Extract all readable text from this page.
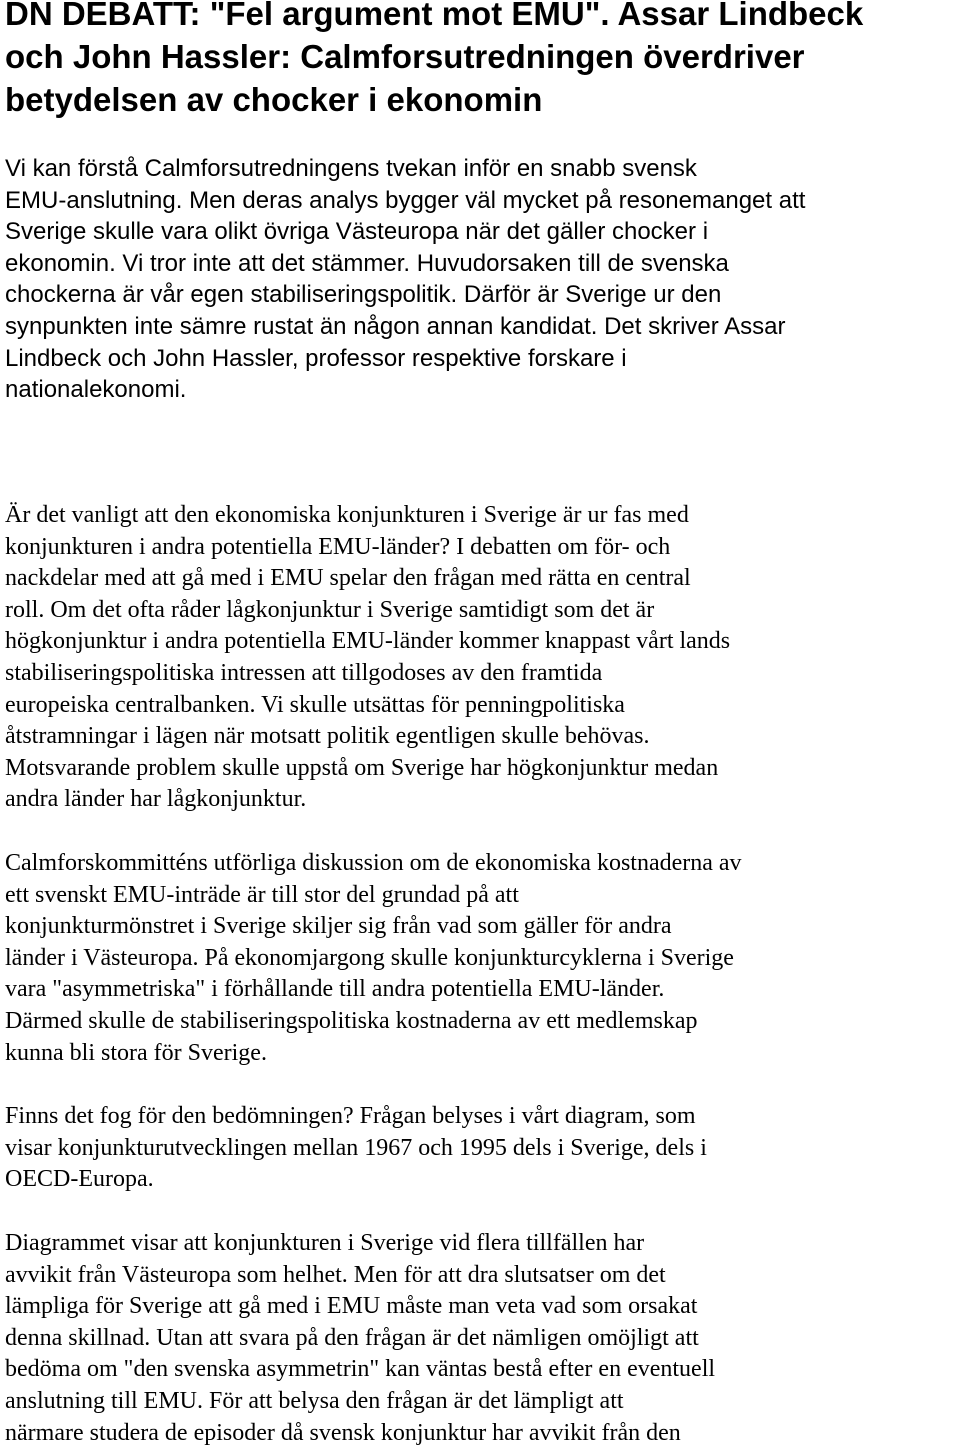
DN DEBATT: "Fel argument mot EMU". Assar Lindbeck
och John Hassler: Calmforsutredningen överdriver
betydelsen av chocker i ekonomin

Vi kan förstå Calmforsutredningens tvekan inför en snabb svensk
EMU-anslutning. Men deras analys bygger väl mycket på resonemanget att
Sverige skulle vara olikt övriga Västeuropa när det gäller chocker i
ekonomin. Vi tror inte att det stämmer. Huvudorsaken till de svenska
chockerna är vår egen stabiliseringspolitik. Därför är Sverige ur den
synpunkten inte sämre rustat än någon annan kandidat. Det skriver Assar
Lindbeck och John Hassler, professor respektive forskare i
nationalekonomi.

Är det vanligt att den ekonomiska konjunkturen i Sverige är ur fas med
konjunkturen i andra potentiella EMU-länder? I debatten om för- och
nackdelar med att gå med i EMU spelar den frågan med rätta en central
roll. Om det ofta råder lågkonjunktur i Sverige samtidigt som det är
högkonjunktur i andra potentiella EMU-länder kommer knappast vårt lands
stabiliseringspolitiska intressen att tillgodoses av den framtida
europeiska centralbanken. Vi skulle utsättas för penningpolitiska
åtstramningar i lägen när motsatt politik egentligen skulle behövas.
Motsvarande problem skulle uppstå om Sverige har högkonjunktur medan
andra länder har lågkonjunktur.

Calmforskommitténs utförliga diskussion om de ekonomiska kostnaderna av
ett svenskt EMU-inträde är till stor del grundad på att
konjunkturmönstret i Sverige skiljer sig från vad som gäller för andra
länder i Västeuropa. På ekonomjargong skulle konjunkturcyklerna i Sverige
vara "asymmetriska" i förhållande till andra potentiella EMU-länder.
Därmed skulle de stabiliseringspolitiska kostnaderna av ett medlemskap
kunna bli stora för Sverige.

Finns det fog för den bedömningen? Frågan belyses i vårt diagram, som
visar konjunkturutvecklingen mellan 1967 och 1995 dels i Sverige, dels i
OECD-Europa.

Diagrammet visar att konjunkturen i Sverige vid flera tillfällen har
avvikit från Västeuropa som helhet. Men för att dra slutsatser om det
lämpliga för Sverige att gå med i EMU måste man veta vad som orsakat
denna skillnad. Utan att svara på den frågan är det nämligen omöjligt att
bedöma om "den svenska asymmetrin" kan väntas bestå efter en eventuell
anslutning till EMU. För att belysa den frågan är det lämpligt att
närmare studera de episoder då svensk konjunktur har avvikit från den
